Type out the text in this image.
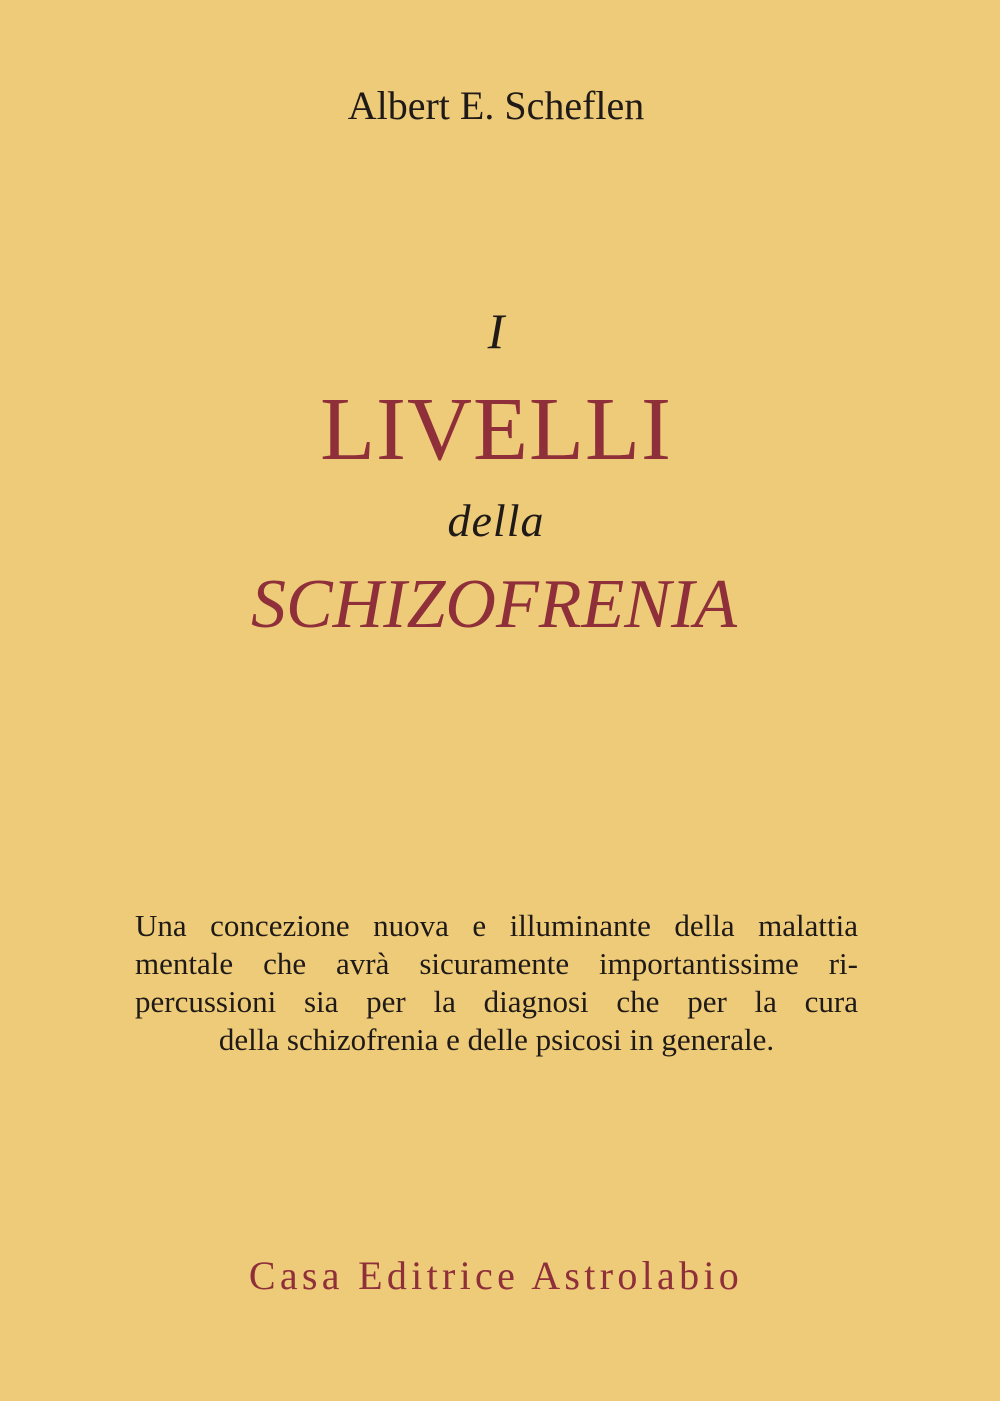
Albert E. Scheflen
I
LIVELLI
della
SCHIZOFRENIA
Una concezione nuova e illuminante della malattia
mentale che avrà sicuramente importantissime ri-
percussioni sia per la diagnosi che per la cura
della schizofrenia e delle psicosi in generale.
Casa Editrice Astrolabio
